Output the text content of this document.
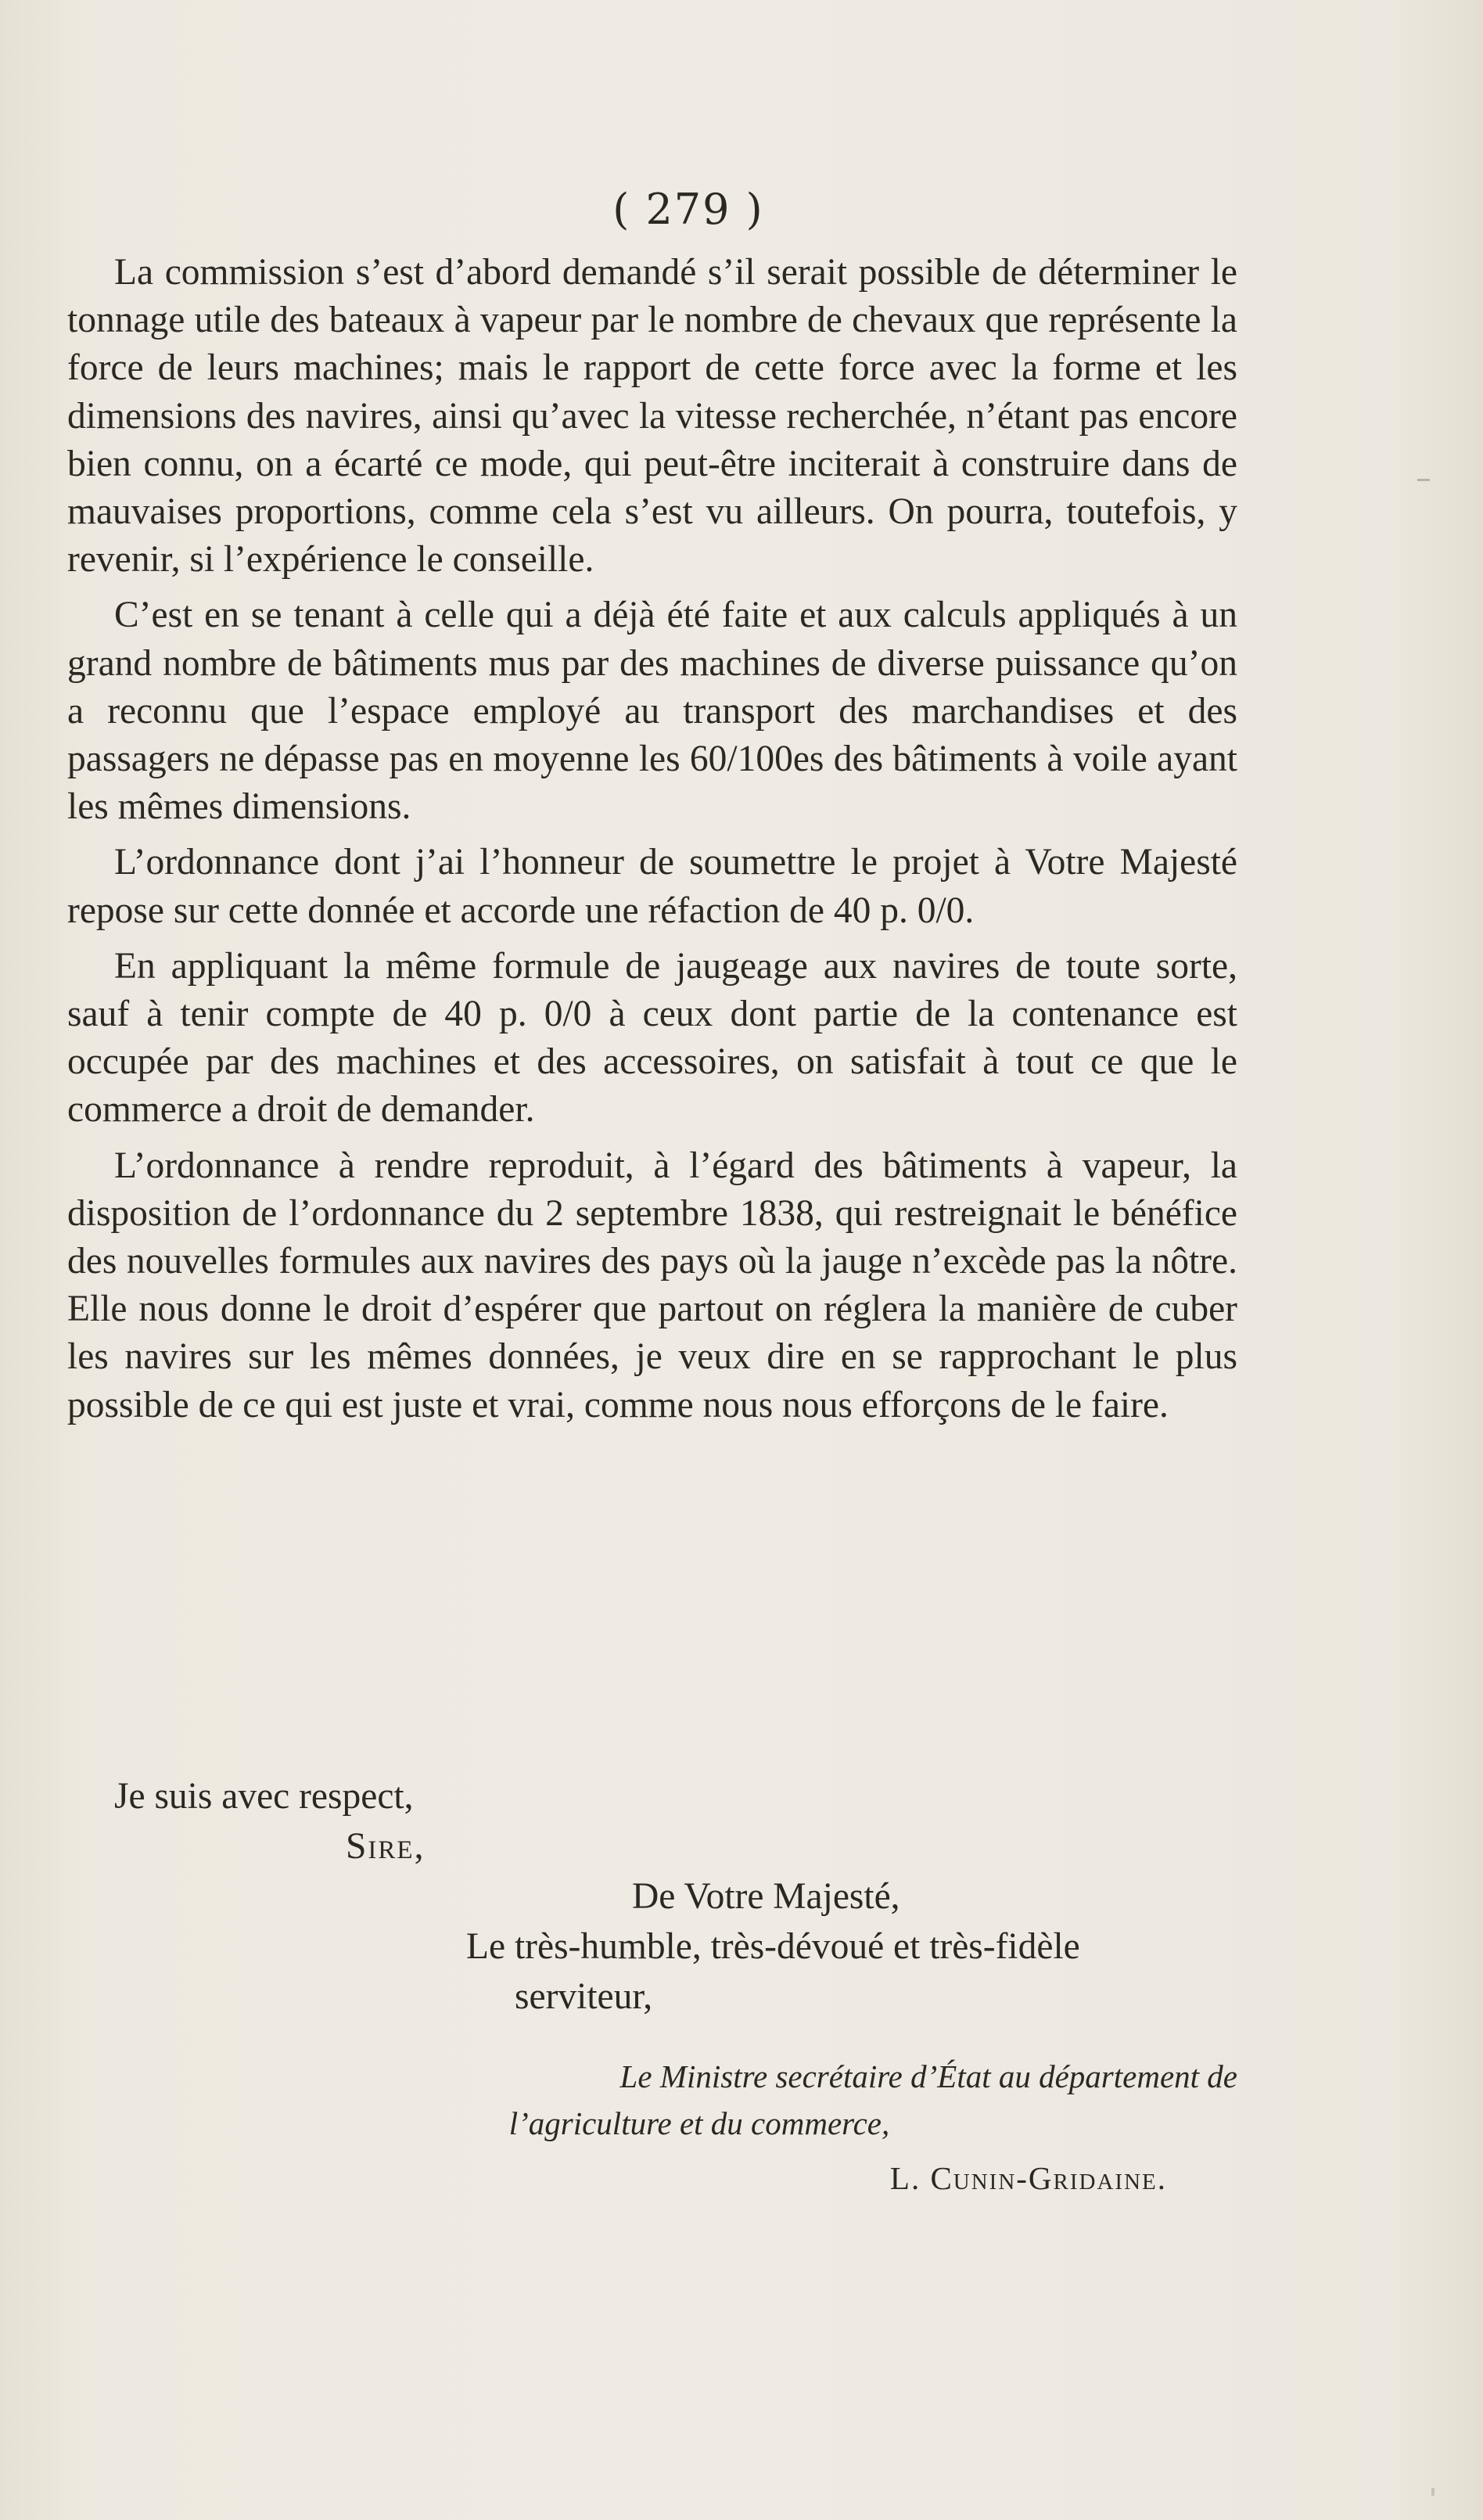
( 279 )

La commission s’est d’abord demandé s’il serait possible de déterminer le tonnage utile des bateaux à vapeur par le nombre de chevaux que représente la force de leurs machines; mais le rapport de cette force avec la forme et les dimensions des navires, ainsi qu’avec la vitesse recherchée, n’étant pas encore bien connu, on a écarté ce mode, qui peut-être inciterait à construire dans de mauvaises proportions, comme cela s’est vu ailleurs. On pourra, toutefois, y revenir, si l’expérience le conseille.

C’est en se tenant à celle qui a déjà été faite et aux calculs appliqués à un grand nombre de bâtiments mus par des machines de diverse puissance qu’on a reconnu que l’espace employé au transport des marchandises et des passagers ne dépasse pas en moyenne les 60/100es des bâtiments à voile ayant les mêmes dimensions.

L’ordonnance dont j’ai l’honneur de soumettre le projet à Votre Majesté repose sur cette donnée et accorde une réfaction de 40 p. 0/0.

En appliquant la même formule de jaugeage aux navires de toute sorte, sauf à tenir compte de 40 p. 0/0 à ceux dont partie de la contenance est occupée par des machines et des accessoires, on satisfait à tout ce que le commerce a droit de demander.

L’ordonnance à rendre reproduit, à l’égard des bâtiments à vapeur, la disposition de l’ordonnance du 2 septembre 1838, qui restreignait le bénéfice des nouvelles formules aux navires des pays où la jauge n’excède pas la nôtre. Elle nous donne le droit d’espérer que partout on réglera la manière de cuber les navires sur les mêmes données, je veux dire en se rapprochant le plus possible de ce qui est juste et vrai, comme nous nous efforçons de le faire.

Je suis avec respect,
Sire,
De Votre Majesté,
Le très-humble, très-dévoué et très-fidèle
serviteur,
Le Ministre secrétaire d’État au département de
l’agriculture et du commerce,
L. Cunin-Gridaine.
